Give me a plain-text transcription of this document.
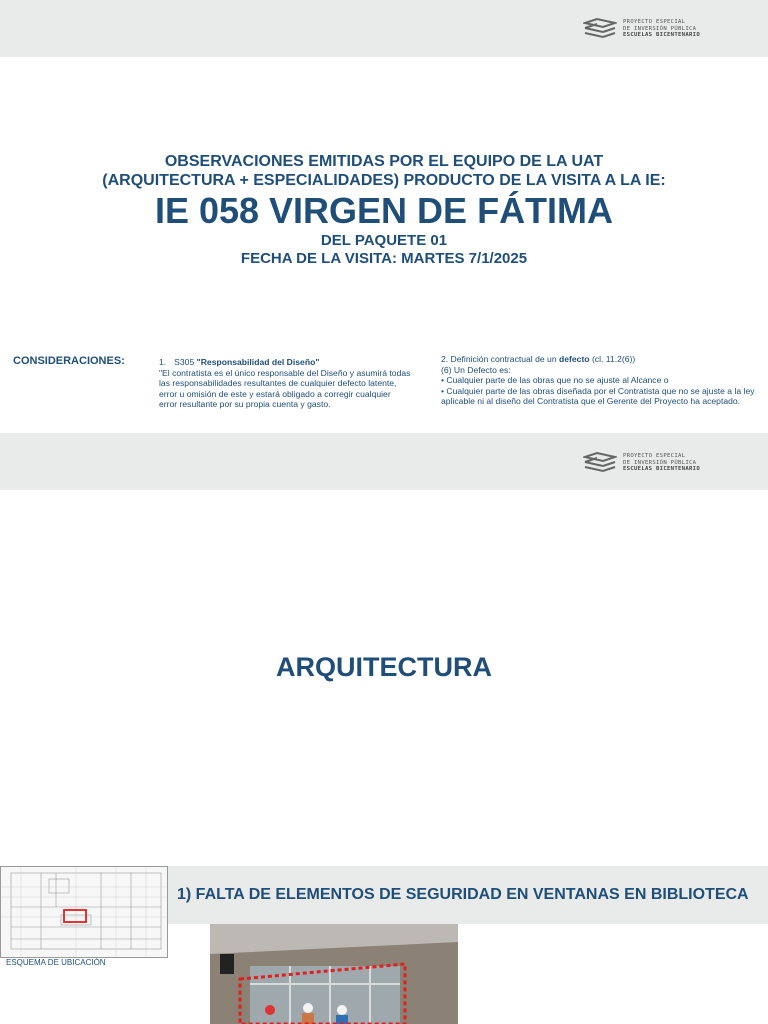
PROYECTO ESPECIAL
DE INVERSIÓN PÚBLICA
ESCUELAS BICENTENARIO
OBSERVACIONES EMITIDAS POR EL EQUIPO DE LA UAT
(ARQUITECTURA + ESPECIALIDADES) PRODUCTO DE LA VISITA A LA IE:
IE 058 VIRGEN DE FÁTIMA
DEL PAQUETE 01
FECHA DE LA VISITA: MARTES 7/1/2025
CONSIDERACIONES:	1. S305 "Responsabilidad del Diseño"
"El contratista es el único responsable del Diseño y asumirá todas las responsabilidades resultantes de cualquier defecto latente, error u omisión de este y estará obligado a corregir cualquier error resultante por su propia cuenta y gasto.
2. Definición contractual de un defecto (cl. 11.2(6))
(6) Un Defecto es:
• Cualquier parte de las obras que no se ajuste al Alcance o
• Cualquier parte de las obras diseñada por el Contratista que no se ajuste a la ley aplicable ni al diseño del Contratista que el Gerente del Proyecto ha aceptado.
PROYECTO ESPECIAL
DE INVERSIÓN PÚBLICA
ESCUELAS BICENTENARIO
ARQUITECTURA
ESQUEMA DE UBICACIÓN
1) FALTA DE ELEMENTOS DE SEGURIDAD EN VENTANAS EN BIBLIOTECA
